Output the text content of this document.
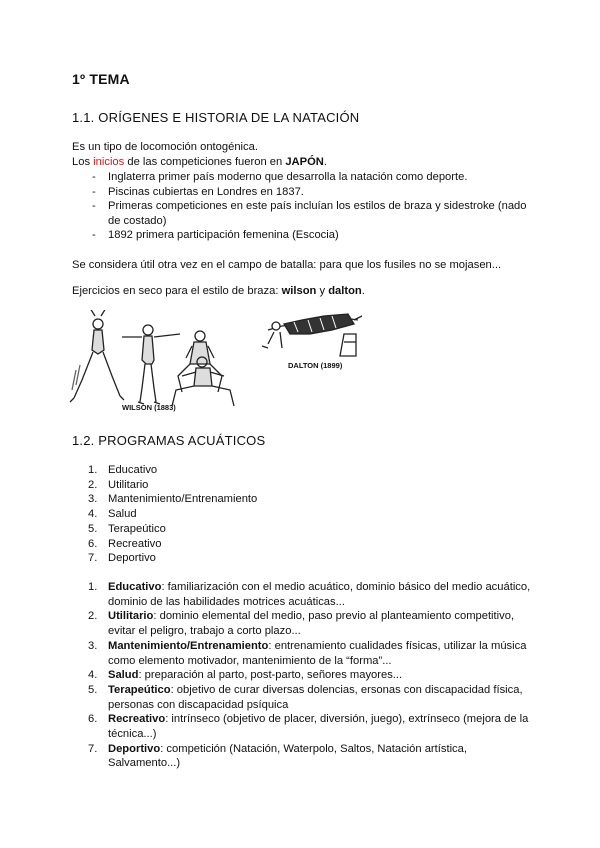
1º TEMA
1.1. ORÍGENES E HISTORIA DE LA NATACIÓN
Es un tipo de locomoción ontogénica.
Los inicios de las competiciones fueron en JAPÓN.
- Inglaterra primer país moderno que desarrolla la natación como deporte.
- Piscinas cubiertas en Londres en 1837.
- Primeras competiciones en este país incluían los estilos de braza y sidestroke (nado de costado)
- 1892 primera participación femenina (Escocia)
Se considera útil otra vez en el campo de batalla: para que los fusiles no se mojasen...
Ejercicios en seco para el estilo de braza: wilson y dalton.
WILSON (1883)
DALTON (1899)
1.2. PROGRAMAS ACUÁTICOS
1. Educativo
2. Utilitario
3. Mantenimiento/Entrenamiento
4. Salud
5. Terapeútico
6. Recreativo
7. Deportivo
1. Educativo: familiarización con el medio acuático, dominio básico del medio acuático, dominio de las habilidades motrices acuáticas...
2. Utilitario: dominio elemental del medio, paso previo al planteamiento competitivo, evitar el peligro, trabajo a corto plazo...
3. Mantenimiento/Entrenamiento: entrenamiento cualidades físicas, utilizar la música como elemento motivador, mantenimiento de la “forma”...
4. Salud: preparación al parto, post-parto, señores mayores...
5. Terapeútico: objetivo de curar diversas dolencias, ersonas con discapacidad física, personas con discapacidad psíquica
6. Recreativo: intrínseco (objetivo de placer, diversión, juego), extrínseco (mejora de la técnica...)
7. Deportivo: competición (Natación, Waterpolo, Saltos, Natación artística, Salvamento...)
